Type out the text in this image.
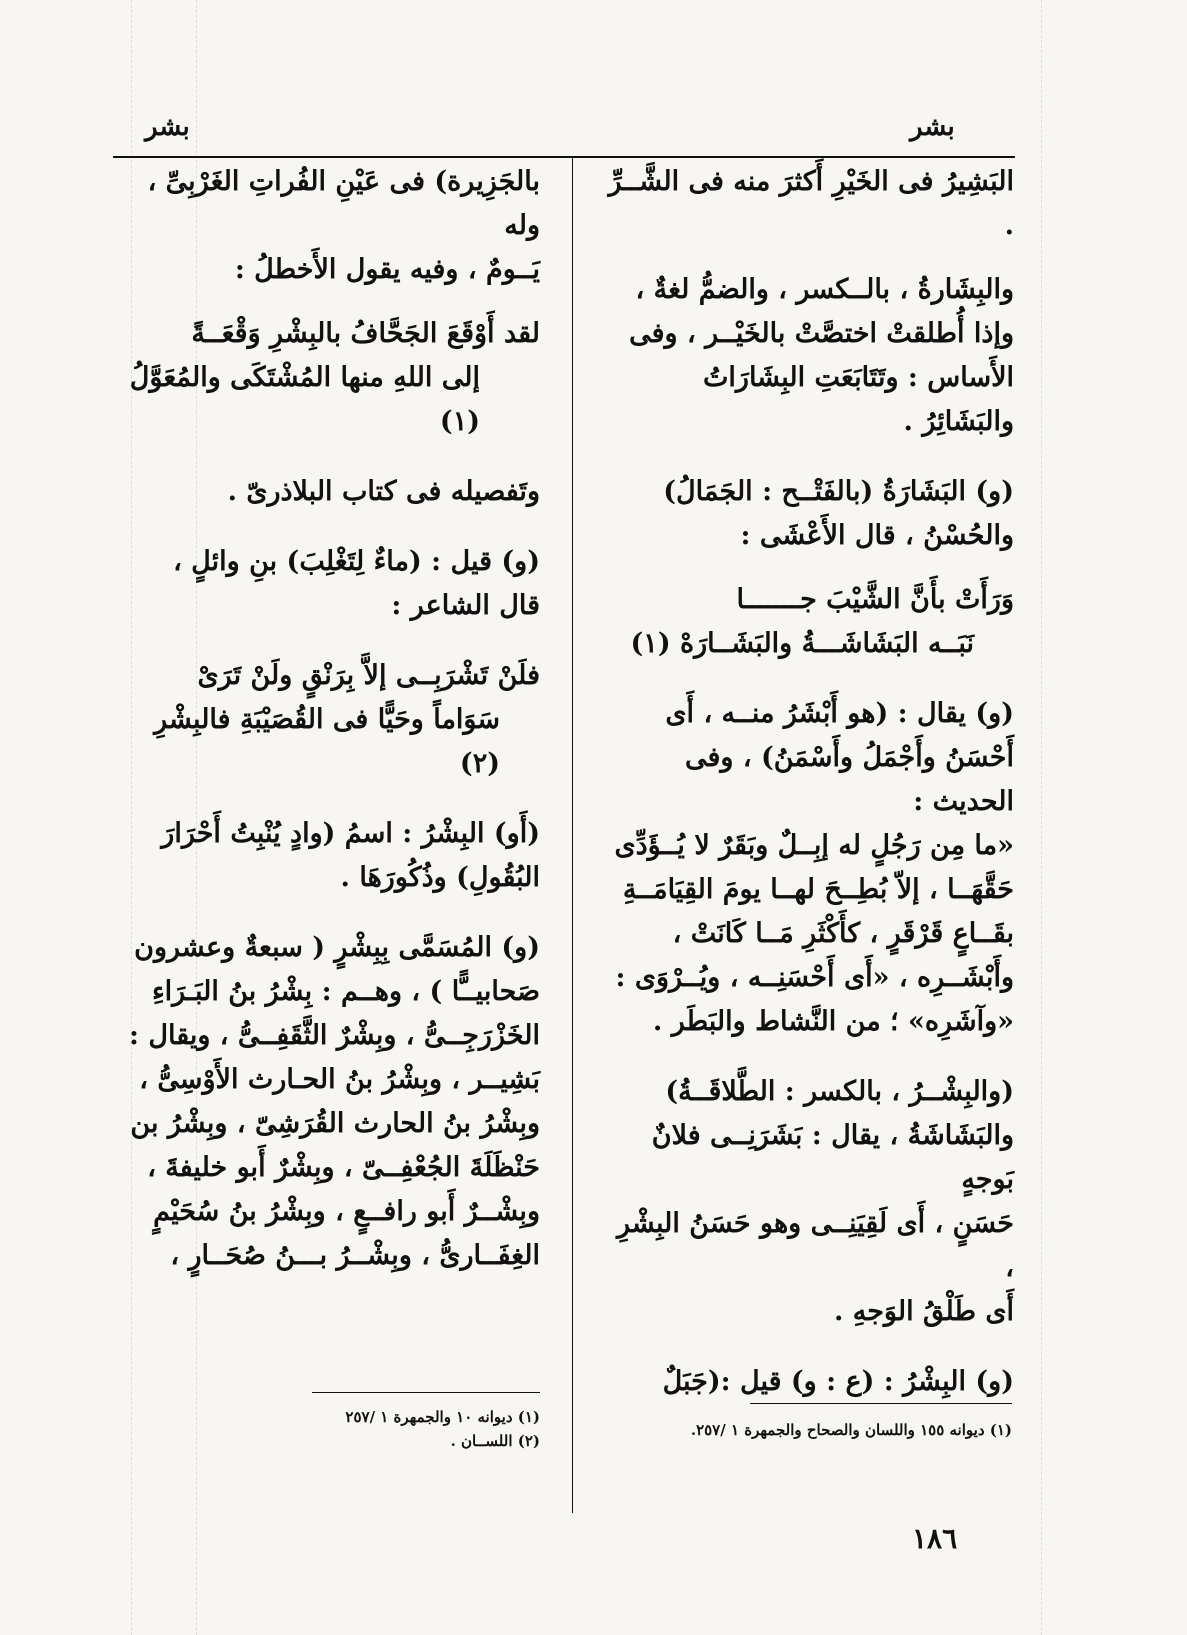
بشر
بشر

البَشِيرُ فى الخَيْرِ أَكثرَ منه فى الشَّــرِّ .

والبِشَارةُ ، بالــكسر ، والضمُّ لغةٌ ،

وإذا أُطلقتْ اختصَّتْ بالخَيْــر ، وفى

الأَساس : وتَتَابَعَتِ البِشَارَاتُ والبَشَائِرُ .

(و) البَشَارَةُ (بالفَتْــح : الجَمَالُ)

والحُسْنُ ، قال الأَعْشَى :

وَرَأَتْ بأَنَّ الشَّيْبَ جـــــــا

نَبَــه البَشَاشَـــةُ والبَشَــارَهْ (١)

(و) يقال : (هو أَبْشَرُ منــه ، أَى

أَحْسَنُ وأَجْمَلُ وأَسْمَنُ) ، وفى الحديث :

«ما مِن رَجُلٍ له إبِــلٌ وبَقَرٌ لا يُــؤَدِّى

حَقَّهَــا ، إلاّ بُطِــحَ لهــا يومَ القِيَامَــةِ

بقَــاعٍ قَرْقَرٍ ، كأَكْثَرِ مَــا كَانَتْ ،

وأَبْشَــرِه ، «أَى أَحْسَنِــه ، ويُــرْوَى :

«وآشَرِه» ؛ من النَّشاط والبَطَر .

(والبِشْــرُ ، بالكسر : الطَّلاقَــةُ)

والبَشَاشَةُ ، يقال : بَشَرَنِــى فلانٌ بَوجهٍ

حَسَنٍ ، أَى لَقِيَنِــى وهو حَسَنُ البِشْرِ ،

أَى طَلْقُ الوَجهِ .

(و) البِشْرُ : (ع : و) قيل :(جَبَلٌ

(١) ديوانه ١٥٥ واللسان والصحاح والجمهرة ١ /٢٥٧.

بالجَزِيرة) فى عَيْنِ الفُراتِ الغَرْبِىِّ ، وله

يَــومٌ ، وفيه يقول الأَخطلُ :

لقد أَوْقَعَ الجَحَّافُ بالبِشْرِ وَقْعَــةً

إلى اللهِ منها المُشْتَكَى والمُعَوَّلُ (١)

وتَفصيله فى كتاب البلاذرىّ .

(و) قيل : (ماءٌ لِتَغْلِبَ) بنِ وائلٍ ،

قال الشاعر :

فلَنْ تَشْرَبِــى إلاَّ بِرَنْقٍ ولَنْ تَرَىْ

سَوَاماً وحَيًّا فى القُصَيْبَةِ فالبِشْرِ (٢)

(أَو) البِشْرُ : اسمُ (وادٍ يُنْبِتُ أَحْرَارَ

البُقُولِ) وذُكُورَهَا .

(و) المُسَمَّى بِبِشْرٍ ( سبعةٌ وعشرون

صَحابيــًّا ) ، وهــم : بِشْرُ بنُ البَـرَاءِ

الخَزْرَجِــىُّ ، وبِشْرٌ الثَّقَفِــىُّ ، ويقال :

بَشِيــر ، وبِشْرُ بنُ الحـارث الأَوْسِىُّ ،

وبِشْرُ بنُ الحارث القُرَشِىّ ، وبِشْرُ بن

حَنْظَلَةَ الجُعْفِــىّ ، وبِشْرٌ أَبو خليفةَ ،

وبِشْــرٌ أَبو رافــعٍ ، وبِشْرُ بنُ سُحَيْمٍ

الغِفَــارىُّ ، وبِشْــرُ بـــنُ صُحَــارٍ ،

(١) ديوانه ١٠ والجمهرة ١ /٢٥٧
(٢) اللســان .
١٨٦
